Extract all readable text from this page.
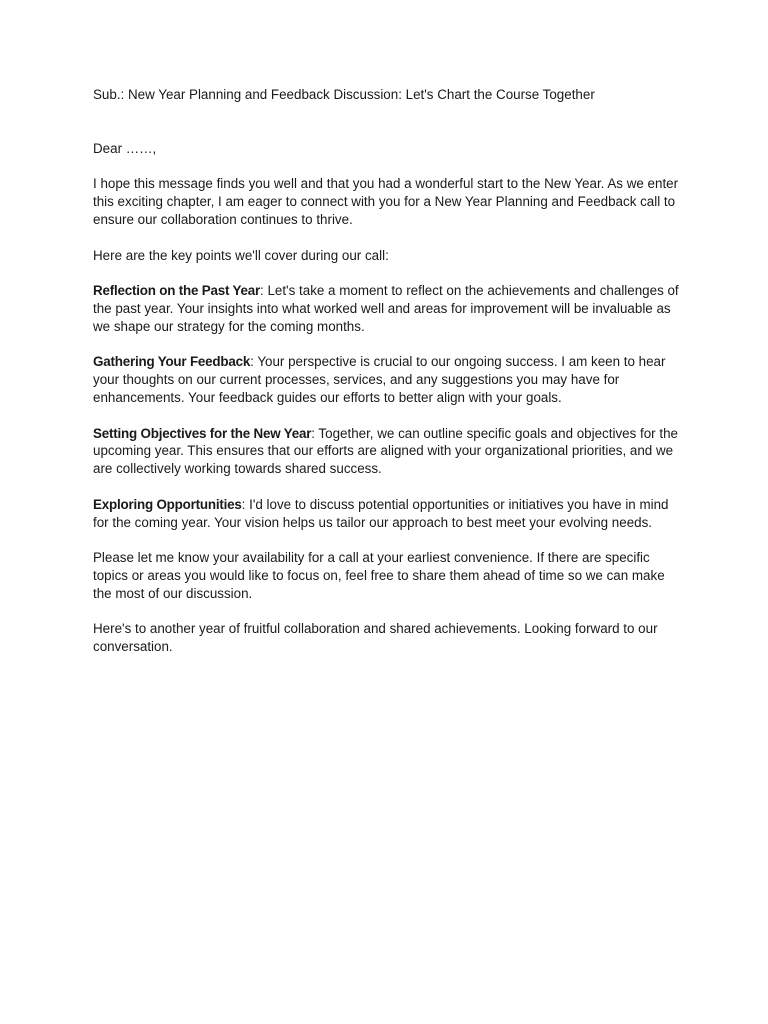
Sub.: New Year Planning and Feedback Discussion: Let's Chart the Course Together

Dear ……,

I hope this message finds you well and that you had a wonderful start to the New Year. As we enter this exciting chapter, I am eager to connect with you for a New Year Planning and Feedback call to ensure our collaboration continues to thrive.

Here are the key points we'll cover during our call:

Reflection on the Past Year: Let's take a moment to reflect on the achievements and challenges of the past year. Your insights into what worked well and areas for improvement will be invaluable as we shape our strategy for the coming months.

Gathering Your Feedback: Your perspective is crucial to our ongoing success. I am keen to hear your thoughts on our current processes, services, and any suggestions you may have for enhancements. Your feedback guides our efforts to better align with your goals.

Setting Objectives for the New Year: Together, we can outline specific goals and objectives for the upcoming year. This ensures that our efforts are aligned with your organizational priorities, and we are collectively working towards shared success.

Exploring Opportunities: I'd love to discuss potential opportunities or initiatives you have in mind for the coming year. Your vision helps us tailor our approach to best meet your evolving needs.

Please let me know your availability for a call at your earliest convenience. If there are specific topics or areas you would like to focus on, feel free to share them ahead of time so we can make the most of our discussion.

Here's to another year of fruitful collaboration and shared achievements. Looking forward to our conversation.
